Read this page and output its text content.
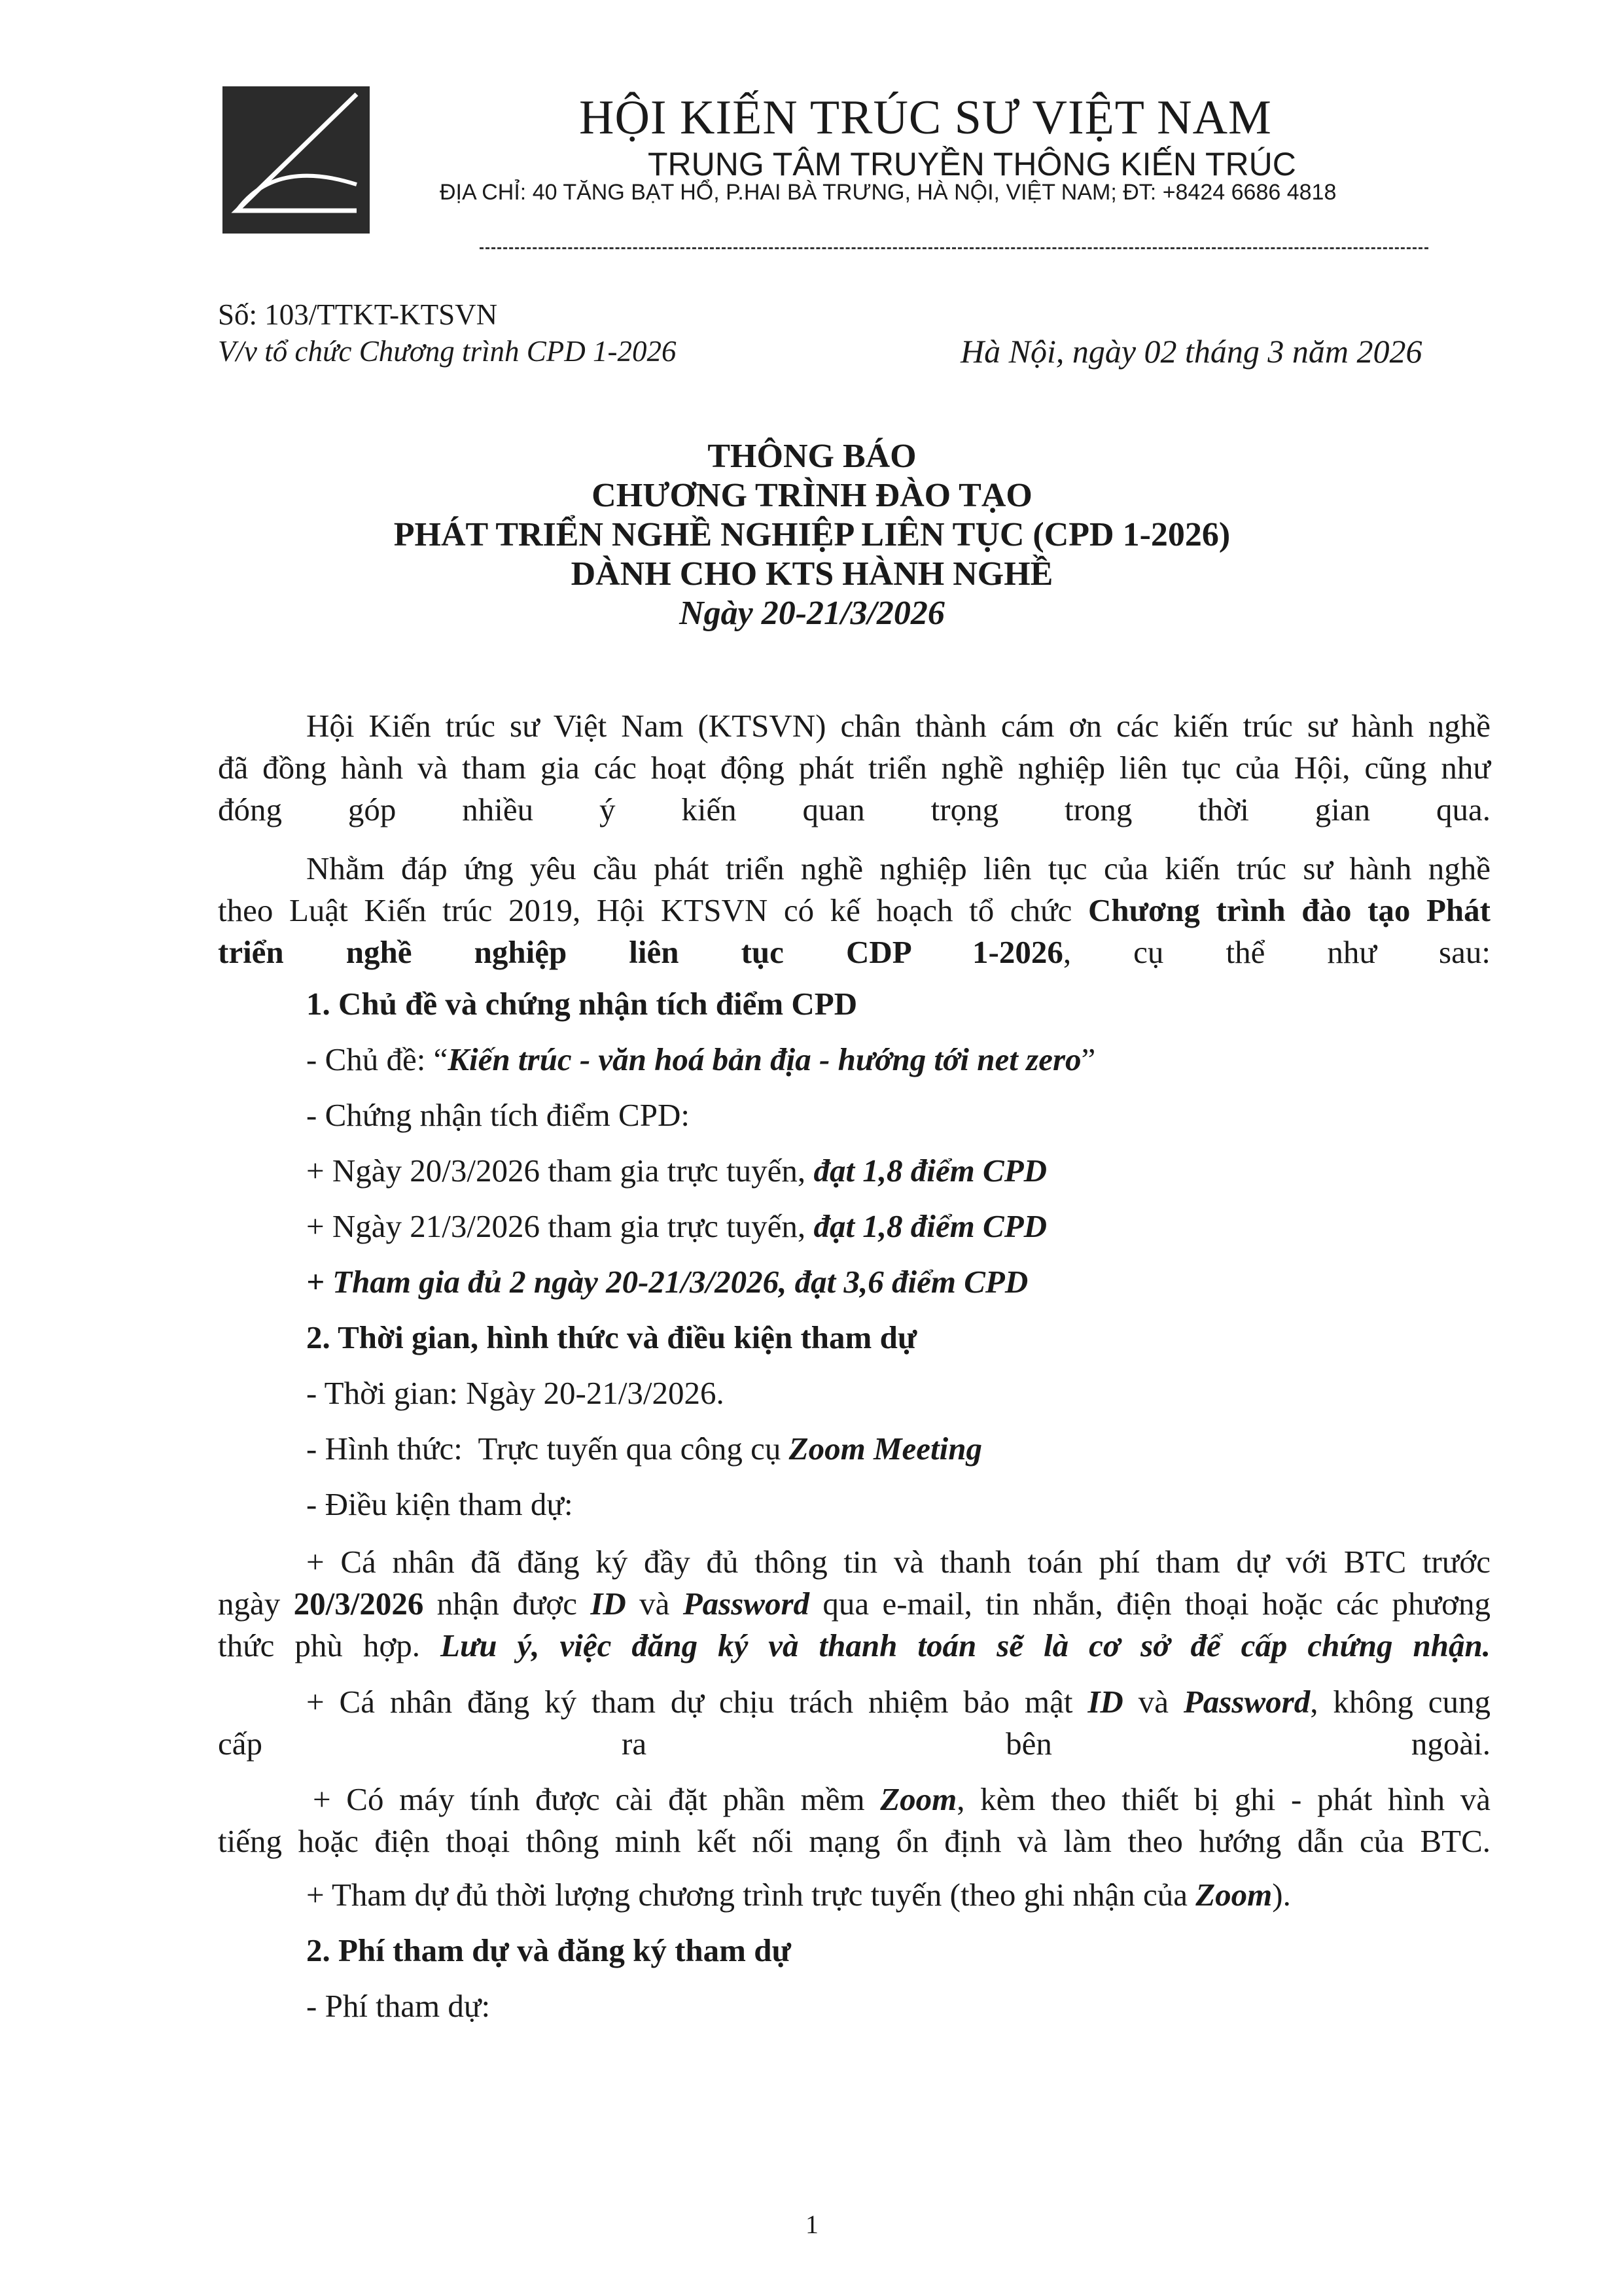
HỘI KIẾN TRÚC SƯ VIỆT NAM
TRUNG TÂM TRUYỀN THÔNG KIẾN TRÚC
ĐỊA CHỈ: 40 TĂNG BẠT HỔ, P.HAI BÀ TRƯNG, HÀ NỘI, VIỆT NAM; ĐT: +8424 6686 4818
Số: 103/TTKT-KTSVN
V/v tổ chức Chương trình CPD 1-2026	Hà Nội, ngày 02 tháng 3 năm 2026
THÔNG BÁO
CHƯƠNG TRÌNH ĐÀO TẠO
PHÁT TRIỂN NGHỀ NGHIỆP LIÊN TỤC (CPD 1-2026)
DÀNH CHO KTS HÀNH NGHỀ
Ngày 20-21/3/2026
Hội Kiến trúc sư Việt Nam (KTSVN) chân thành cám ơn các kiến trúc sư hành nghề
đã đồng hành và tham gia các hoạt động phát triển nghề nghiệp liên tục của Hội, cũng như
đóng góp nhiều ý kiến quan trọng trong thời gian qua.
Nhằm đáp ứng yêu cầu phát triển nghề nghiệp liên tục của kiến trúc sư hành nghề
theo Luật Kiến trúc 2019, Hội KTSVN có kế hoạch tổ chức Chương trình đào tạo Phát
triển nghề nghiệp liên tục CDP 1-2026, cụ thể như sau:
1. Chủ đề và chứng nhận tích điểm CPD
- Chủ đề: “Kiến trúc - văn hoá bản địa - hướng tới net zero”
- Chứng nhận tích điểm CPD:
+ Ngày 20/3/2026 tham gia trực tuyến, đạt 1,8 điểm CPD
+ Ngày 21/3/2026 tham gia trực tuyến, đạt 1,8 điểm CPD
+ Tham gia đủ 2 ngày 20-21/3/2026, đạt 3,6 điểm CPD
2. Thời gian, hình thức và điều kiện tham dự
- Thời gian: Ngày 20-21/3/2026.
- Hình thức:  Trực tuyến qua công cụ Zoom Meeting
- Điều kiện tham dự:
+ Cá nhân đã đăng ký đầy đủ thông tin và thanh toán phí tham dự với BTC trước
ngày 20/3/2026 nhận được ID và Password qua e-mail, tin nhắn, điện thoại hoặc các phương
thức phù hợp. Lưu ý, việc đăng ký và thanh toán sẽ là cơ sở để cấp chứng nhận.
+ Cá nhân đăng ký tham dự chịu trách nhiệm bảo mật ID và Password, không cung
cấp ra bên ngoài.
+ Có máy tính được cài đặt phần mềm Zoom, kèm theo thiết bị ghi - phát hình và
tiếng hoặc điện thoại thông minh kết nối mạng ổn định và làm theo hướng dẫn của BTC.
+ Tham dự đủ thời lượng chương trình trực tuyến (theo ghi nhận của Zoom).
2. Phí tham dự và đăng ký tham dự
- Phí tham dự:
1
